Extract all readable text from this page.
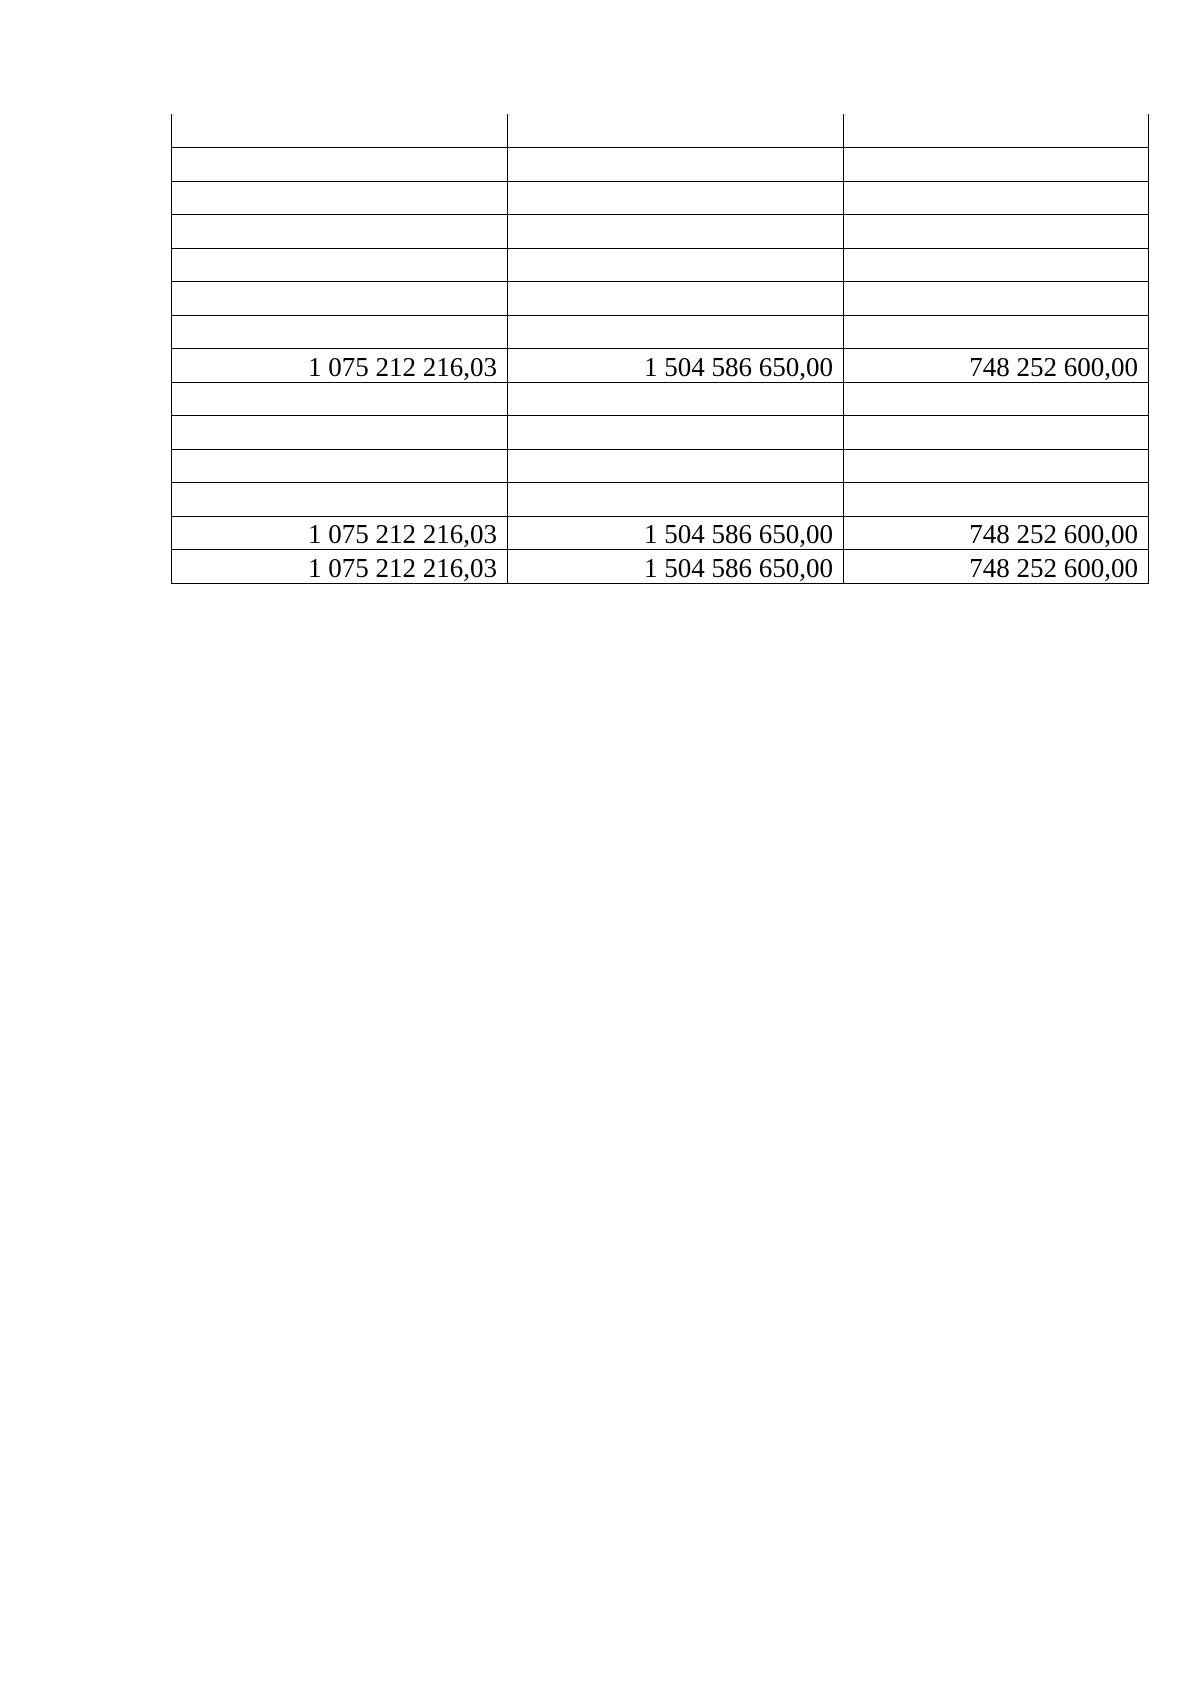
1 075 212 216,03	1 504 586 650,00	748 252 600,00

1 075 212 216,03	1 504 586 650,00	748 252 600,00
1 075 212 216,03	1 504 586 650,00	748 252 600,00
